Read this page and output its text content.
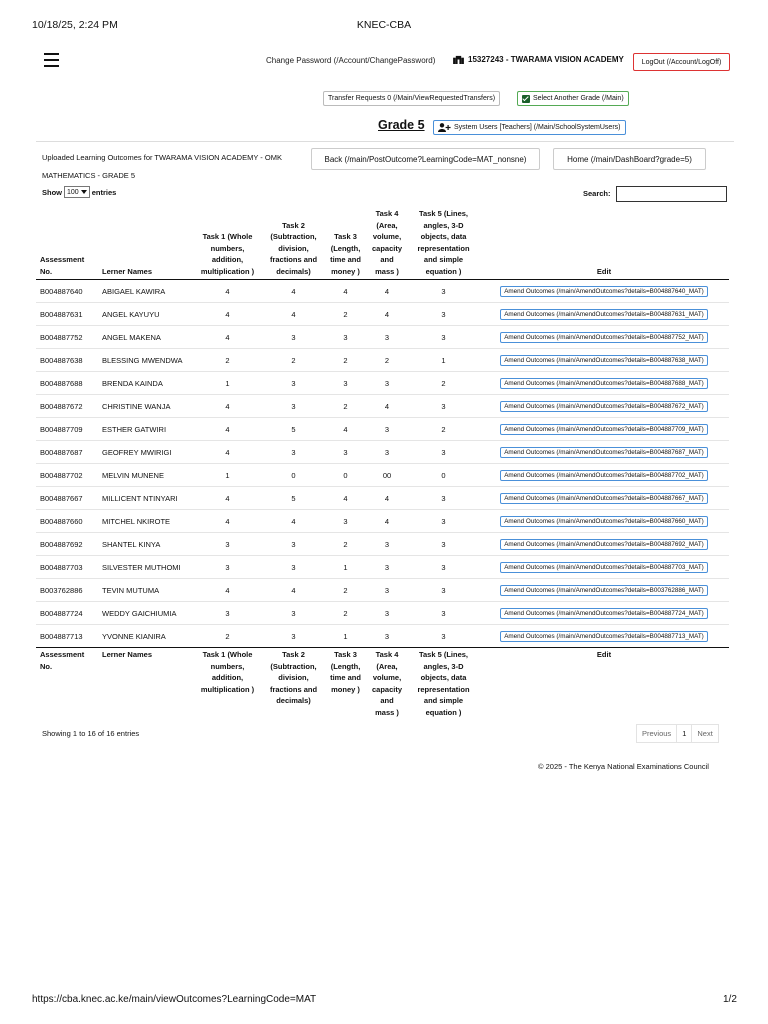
10/18/25, 2:24 PM	KNEC-CBA
Change Password (/Account/ChangePassword)	15327243 - TWARAMA VISION ACADEMY	LogOut (/Account/LogOff)
Transfer Requests 0 (/Main/ViewRequestedTransfers)	Select Another Grade (/Main)
Grade 5	System Users [Teachers] (/Main/SchoolSystemUsers)
Uploaded Learning Outcomes for TWARAMA VISION ACADEMY - OMK MATHEMATICS - GRADE 5
Back (/main/PostOutcome?LearningCode=MAT_nonsne)	Home (/main/DashBoard?grade=5)
Show 100 entries	Search:
Assessment No.	Lerner Names	Task 1 (Whole numbers, addition, multiplication )	Task 2 (Subtraction, division, fractions and decimals)	Task 3 (Length, time and money )	Task 4 (Area, volume, capacity and mass )	Task 5 (Lines, angles, 3-D objects, data representation and simple equation )	Edit
B004887640	ABIGAEL KAWIRA	4	4	4	4	3	Amend Outcomes (/main/AmendOutcomes?details=B004887640_MAT)
B004887631	ANGEL KAYUYU	4	4	2	4	3	Amend Outcomes (/main/AmendOutcomes?details=B004887631_MAT)
B004887752	ANGEL MAKENA	4	3	3	3	3	Amend Outcomes (/main/AmendOutcomes?details=B004887752_MAT)
B004887638	BLESSING MWENDWA	2	2	2	2	1	Amend Outcomes (/main/AmendOutcomes?details=B004887638_MAT)
B004887688	BRENDA KAINDA	1	3	3	3	2	Amend Outcomes (/main/AmendOutcomes?details=B004887688_MAT)
B004887672	CHRISTINE WANJA	4	3	2	4	3	Amend Outcomes (/main/AmendOutcomes?details=B004887672_MAT)
B004887709	ESTHER GATWIRI	4	5	4	3	2	Amend Outcomes (/main/AmendOutcomes?details=B004887709_MAT)
B004887687	GEOFREY MWIRIGI	4	3	3	3	3	Amend Outcomes (/main/AmendOutcomes?details=B004887687_MAT)
B004887702	MELVIN MUNENE	1	0	0	00	0	Amend Outcomes (/main/AmendOutcomes?details=B004887702_MAT)
B004887667	MILLICENT NTINYARI	4	5	4	4	3	Amend Outcomes (/main/AmendOutcomes?details=B004887667_MAT)
B004887660	MITCHEL NKIROTE	4	4	3	4	3	Amend Outcomes (/main/AmendOutcomes?details=B004887660_MAT)
B004887692	SHANTEL KINYA	3	3	2	3	3	Amend Outcomes (/main/AmendOutcomes?details=B004887692_MAT)
B004887703	SILVESTER MUTHOMI	3	3	1	3	3	Amend Outcomes (/main/AmendOutcomes?details=B004887703_MAT)
B003762886	TEVIN MUTUMA	4	4	2	3	3	Amend Outcomes (/main/AmendOutcomes?details=B003762886_MAT)
B004887724	WEDDY GAICHIUMIA	3	3	2	3	3	Amend Outcomes (/main/AmendOutcomes?details=B004887724_MAT)
B004887713	YVONNE KIANIRA	2	3	1	3	3	Amend Outcomes (/main/AmendOutcomes?details=B004887713_MAT)
Assessment No.	Lerner Names	Task 1 (Whole numbers, addition, multiplication )	Task 2 (Subtraction, division, fractions and decimals)	Task 3 (Length, time and money )	Task 4 (Area, volume, capacity and mass )	Task 5 (Lines, angles, 3-D objects, data representation and simple equation )	Edit
Showing 1 to 16 of 16 entries	Previous	1	Next
© 2025 - The Kenya National Examinations Council
https://cba.knec.ac.ke/main/viewOutcomes?LearningCode=MAT	1/2
